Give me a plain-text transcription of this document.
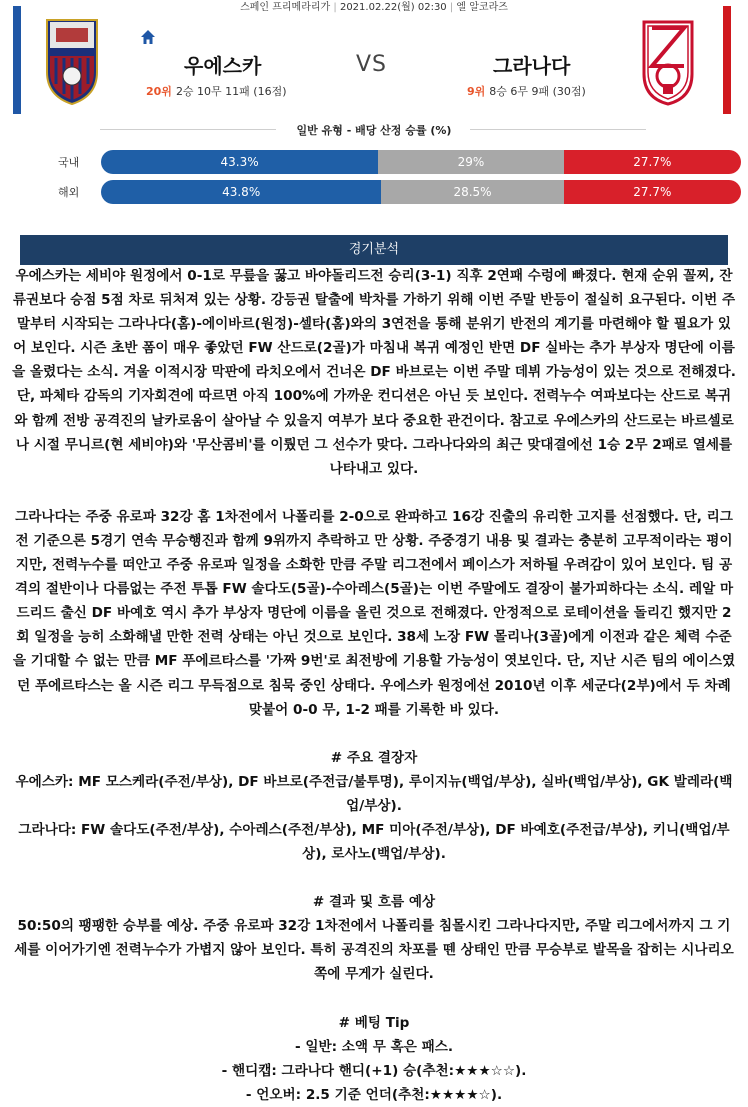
스페인 프리메라리가 | 2021.02.22(월) 02:30 | 엘 알코라즈
우에스카	VS	그라나다
20위 2승 10무 11패 (16점)	9위 8승 6무 9패 (30점)
일반 유형 - 배당 산정 승률 (%)
국내	43.3%	29%	27.7%
해외	43.8%	28.5%	27.7%
경기분석

우에스카는 세비야 원정에서 0-1로 무릎을 꿇고 바야돌리드전 승리(3-1) 직후 2연패 수렁에 빠졌다. 현재 순위 꼴찌, 잔류권보다 승점 5점 차로 뒤처져 있는 상황. 강등권 탈출에 박차를 가하기 위해 이번 주말 반등이 절실히 요구된다. 이번 주말부터 시작되는 그라나다(홈)-에이바르(원정)-셀타(홈)와의 3연전을 통해 분위기 반전의 계기를 마련해야 할 필요가 있어 보인다. 시즌 초반 폼이 매우 좋았던 FW 산드로(2골)가 마침내 복귀 예정인 반면 DF 실바는 추가 부상자 명단에 이름을 올렸다는 소식. 겨울 이적시장 막판에 라치오에서 건너온 DF 바브로는 이번 주말 데뷔 가능성이 있는 것으로 전해졌다. 단, 파체타 감독의 기자회견에 따르면 아직 100%에 가까운 컨디션은 아닌 듯 보인다. 전력누수 여파보다는 산드로 복귀와 함께 전방 공격진의 날카로움이 살아날 수 있을지 여부가 보다 중요한 관건이다. 참고로 우에스카의 산드로는 바르셀로나 시절 무니르(현 세비야)와 '무산콤비'를 이뤘던 그 선수가 맞다. 그라나다와의 최근 맞대결에선 1승 2무 2패로 열세를 나타내고 있다.

그라나다는 주중 유로파 32강 홈 1차전에서 나폴리를 2-0으로 완파하고 16강 진출의 유리한 고지를 선점했다. 단, 리그전 기준으론 5경기 연속 무승행진과 함께 9위까지 추락하고 만 상황. 주중경기 내용 및 결과는 충분히 고무적이라는 평이지만, 전력누수를 떠안고 주중 유로파 일정을 소화한 만큼 주말 리그전에서 페이스가 저하될 우려감이 있어 보인다. 팀 공격의 절반이나 다름없는 주전 투톱 FW 솔다도(5골)-수아레스(5골)는 이번 주말에도 결장이 불가피하다는 소식. 레알 마드리드 출신 DF 바예호 역시 추가 부상자 명단에 이름을 올린 것으로 전해졌다. 안정적으로 로테이션을 돌리긴 했지만 2회 일정을 능히 소화해낼 만한 전력 상태는 아닌 것으로 보인다. 38세 노장 FW 몰리나(3골)에게 이전과 같은 체력 수준을 기대할 수 없는 만큼 MF 푸에르타스를 '가짜 9번'로 최전방에 기용할 가능성이 엿보인다. 단, 지난 시즌 팀의 에이스였던 푸에르타스는 올 시즌 리그 무득점으로 침묵 중인 상태다. 우에스카 원정에선 2010년 이후 세군다(2부)에서 두 차례 맞붙어 0-0 무, 1-2 패를 기록한 바 있다.

# 주요 결장자

우에스카: MF 모스케라(주전/부상), DF 바브로(주전급/불투명), 루이지뉴(백업/부상), 실바(백업/부상), GK 발레라(백업/부상).

그라나다: FW 솔다도(주전/부상), 수아레스(주전/부상), MF 미아(주전/부상), DF 바예호(주전급/부상), 키니(백업/부상), 로사노(백업/부상).

# 결과 및 흐름 예상

50:50의 팽팽한 승부를 예상. 주중 유로파 32강 1차전에서 나폴리를 침몰시킨 그라나다지만, 주말 리그에서까지 그 기세를 이어가기엔 전력누수가 가볍지 않아 보인다. 특히 공격진의 차포를 뗀 상태인 만큼 무승부로 발목을 잡히는 시나리오 쪽에 무게가 실린다.

# 베팅 Tip

- 일반: 소액 무 혹은 패스.

- 핸디캡: 그라나다 핸디(+1) 승(추천:★★★☆☆).

- 언오버: 2.5 기준 언더(추천:★★★★☆).
